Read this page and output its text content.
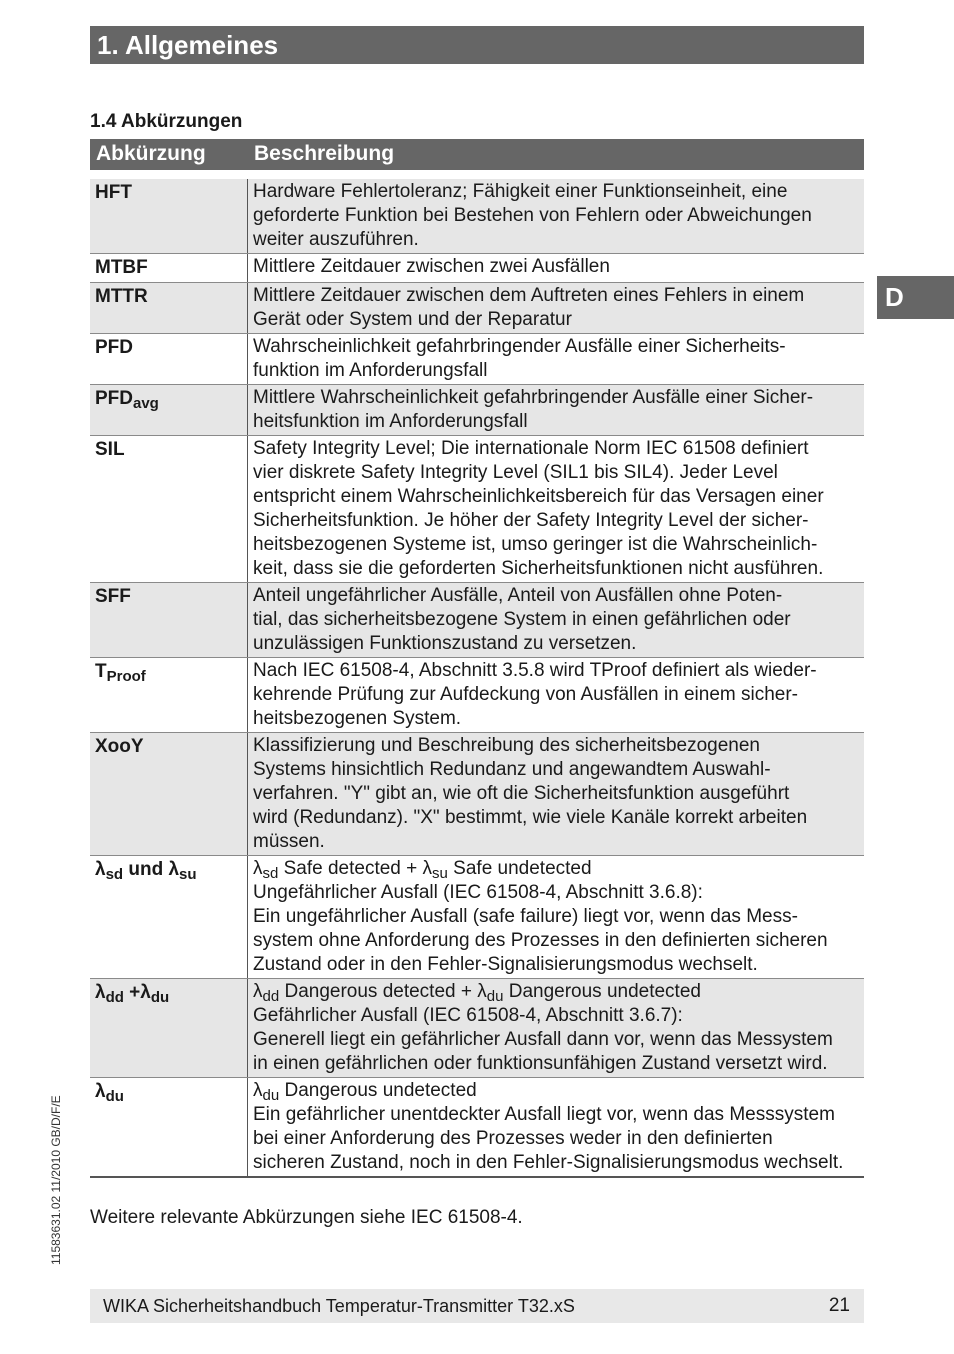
1. Allgemeines
D
1.4 Abkürzungen
Abkürzung Beschreibung
HFT	Hardware Fehlertoleranz; Fähigkeit einer Funktionseinheit, eine
geforderte Funktion bei Bestehen von Fehlern oder Abweichungen
weiter auszuführen.
MTBF	Mittlere Zeitdauer zwischen zwei Ausfällen
MTTR	Mittlere Zeitdauer zwischen dem Auftreten eines Fehlers in einem
Gerät oder System und der Reparatur
PFD	Wahrscheinlichkeit gefahrbringender Ausfälle einer Sicherheits-
funktion im Anforderungsfall
$PFD_{avg}$	Mittlere Wahrscheinlichkeit gefahrbringender Ausfälle einer Sicher-
heitsfunktion im Anforderungsfall
SIL	Safety Integrity Level; Die internationale Norm IEC 61508 definiert
vier diskrete Safety Integrity Level (SIL1 bis SIL4). Jeder Level
entspricht einem Wahrscheinlichkeitsbereich für das Versagen einer
Sicherheitsfunktion. Je höher der Safety Integrity Level der sicher-
heitsbezogenen Systeme ist, umso geringer ist die Wahrscheinlich-
keit, dass sie die geforderten Sicherheitsfunktionen nicht ausführen.
SFF	Anteil ungefährlicher Ausfälle, Anteil von Ausfällen ohne Poten-
tial, das sicherheitsbezogene System in einen gefährlichen oder
unzulässigen Funktionszustand zu versetzen.
$T_{Proof}$	Nach IEC 61508-4, Abschnitt 3.5.8 wird TProof definiert als wieder-
kehrende Prüfung zur Aufdeckung von Ausfällen in einem sicher-
heitsbezogenen System.
XooY	Klassifizierung und Beschreibung des sicherheitsbezogenen
Systems hinsichtlich Redundanz und angewandtem Auswahl-
verfahren. "Y" gibt an, wie oft die Sicherheitsfunktion ausgeführt
wird (Redundanz). "X" bestimmt, wie viele Kanäle korrekt arbeiten
müssen.
$\lambda_{sd}$ und $\lambda_{su}$	$\lambda_{sd}$ Safe detected + $\lambda_{su}$ Safe undetected
Ungefährlicher Ausfall (IEC 61508-4, Abschnitt 3.6.8):
Ein ungefährlicher Ausfall (safe failure) liegt vor, wenn das Mess-
system ohne Anforderung des Prozesses in den definierten sicheren
Zustand oder in den Fehler-Signalisierungsmodus wechselt.
$\lambda_{dd} +\lambda_{du}$	$\lambda_{dd}$ Dangerous detected + $\lambda_{du}$ Dangerous undetected
Gefährlicher Ausfall (IEC 61508-4, Abschnitt 3.6.7):
Generell liegt ein gefährlicher Ausfall dann vor, wenn das Messystem
in einen gefährlichen oder funktionsunfähigen Zustand versetzt wird.
$\lambda_{du}$	$\lambda_{du}$ Dangerous undetected
Ein gefährlicher unentdeckter Ausfall liegt vor, wenn das Messsystem
bei einer Anforderung des Prozesses weder in den definierten
sicheren Zustand, noch in den Fehler-Signalisierungsmodus wechselt.
Weitere relevante Abkürzungen siehe IEC 61508-4.
11583631.02 11/2010 GB/D/F/E
WIKA Sicherheitshandbuch Temperatur-Transmitter T32.xS	21
